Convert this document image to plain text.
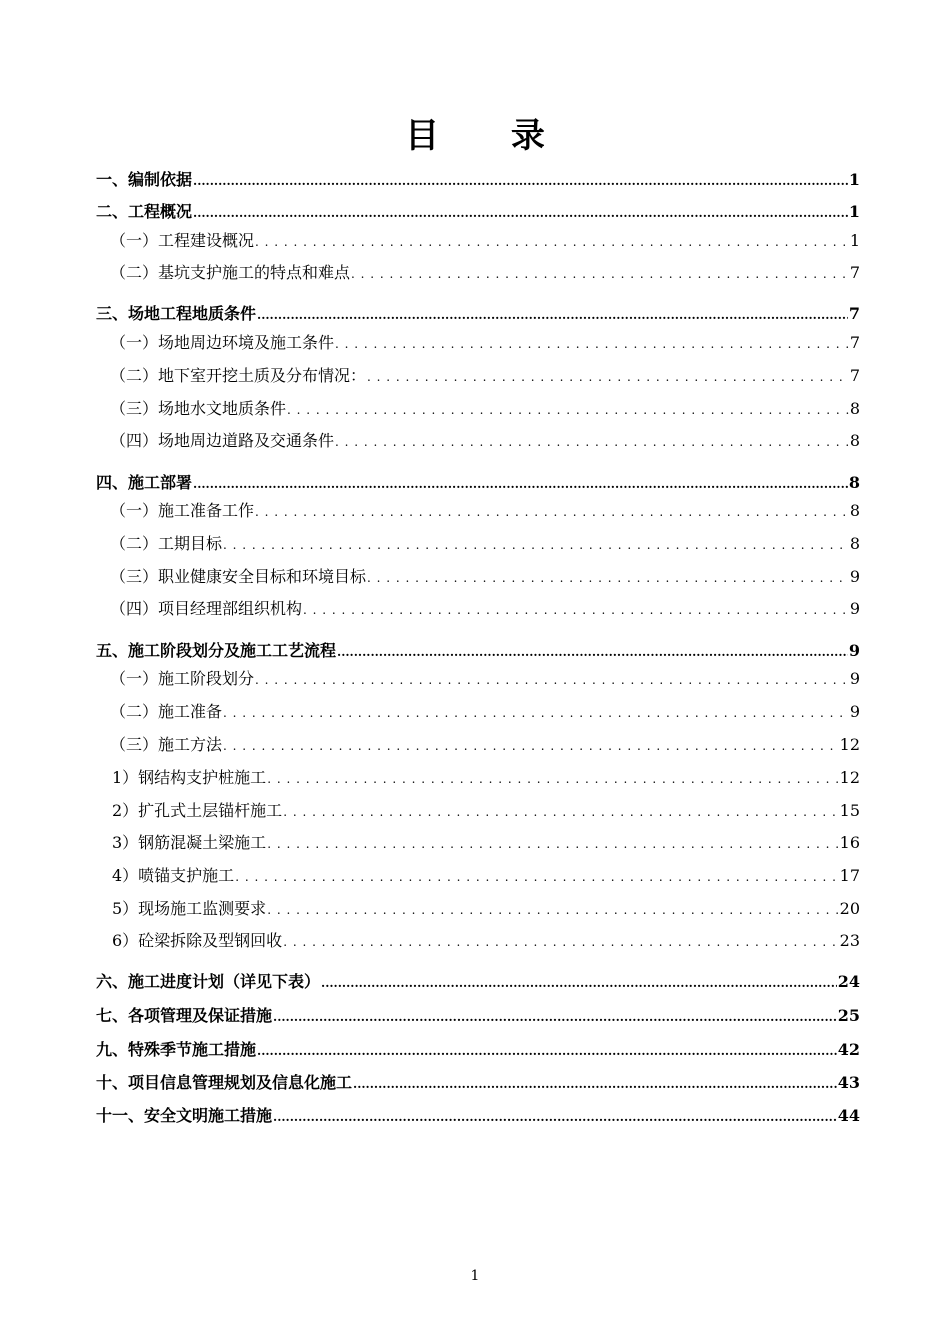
目 录
一、编制依据 .....	1
二、工程概况 .....	1
（一）工程建设概况 . . .	1
（二）基坑支护施工的特点和难点 . . .	7
三、场地工程地质条件 .....	7
（一）场地周边环境及施工条件 . . .	7
（二）地下室开挖土质及分布情况： . . .	7
（三）场地水文地质条件 . . .	8
（四）场地周边道路及交通条件 . . .	8
四、施工部署 .....	8
（一）施工准备工作 . . .	8
（二）工期目标 . . .	8
（三）职业健康安全目标和环境目标 . . .	9
（四）项目经理部组织机构 . . .	9
五、施工阶段划分及施工工艺流程 .....	9
（一）施工阶段划分 . . .	9
（二）施工准备 . . .	9
（三）施工方法 . . .	12
1）钢结构支护桩施工 . . .	12
2）扩孔式土层锚杆施工 . . .	15
3）钢筋混凝土梁施工 . . .	16
4）喷锚支护施工 . . .	17
5）现场施工监测要求 . . .	20
6）砼梁拆除及型钢回收 . . .	23
六、施工进度计划（详见下表） .....	24
七、各项管理及保证措施 .....	25
九、特殊季节施工措施 .....	42
十、项目信息管理规划及信息化施工 .....	43
十一、安全文明施工措施 .....	44
1
